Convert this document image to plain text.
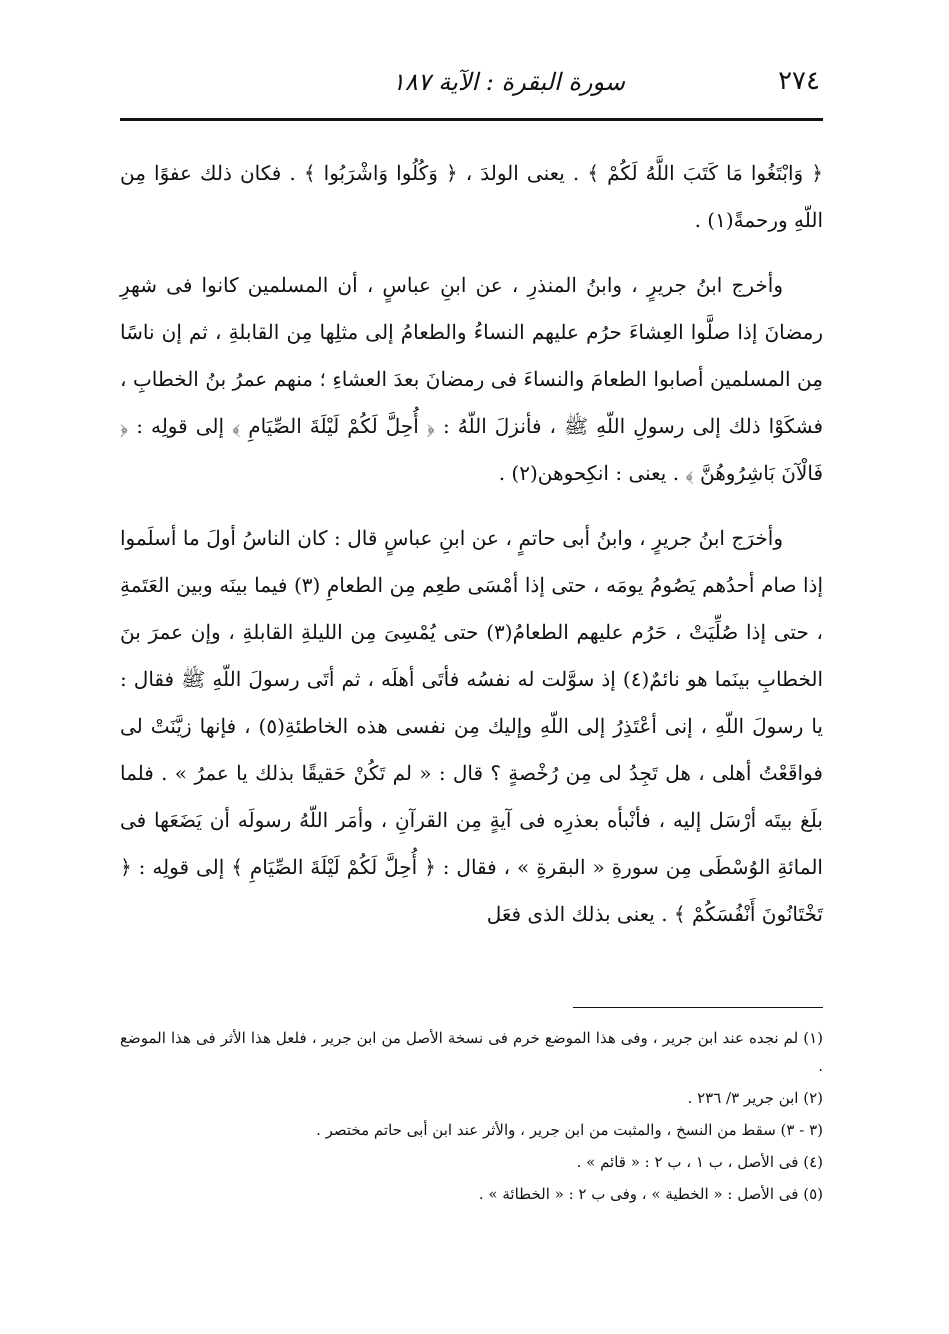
٢٧٤
سورة البقرة : الآية ١٨٧

﴿ وَابْتَغُوا مَا كَتَبَ اللَّهُ لَكُمْ ﴾ . يعنى الولدَ ، ﴿ وَكُلُوا وَاشْرَبُوا ﴾ . فكان ذلك عفوًا مِن اللّهِ ورحمةً(١) .

وأخرج ابنُ جريرٍ ، وابنُ المنذرِ ، عن ابنِ عباسٍ ، أن المسلمين كانوا فى شهرِ رمضانَ إذا صلَّوا العِشاءَ حرُم عليهم النساءُ والطعامُ إلى مثلِها مِن القابلةِ ، ثم إن ناسًا مِن المسلمين أصابوا الطعامَ والنساءَ فى رمضانَ بعدَ العشاءِ ؛ منهم عمرُ بنُ الخطابِ ، فشكَوْا ذلك إلى رسولِ اللّهِ ﷺ ، فأنزلَ اللّهُ : ﴿ أُحِلَّ لَكُمْ لَيْلَةَ الصِّيَامِ ﴾ إلى قولِه : ﴿ فَالْآنَ بَاشِرُوهُنَّ ﴾ . يعنى : انكِحوهن(٢) .

وأخرَج ابنُ جريرٍ ، وابنُ أبى حاتمٍ ، عن ابنِ عباسٍ قال : كان الناسُ أولَ ما أسلَموا إذا صام أحدُهم يَصُومُ يومَه ، حتى إذا أمْسَى طعِم مِن الطعامِ (٣) فيما بينَه وبين العَتَمةِ ، حتى إذا صُلِّيَتْ ، حَرُم عليهم الطعامُ(٣) حتى يُمْسِىَ مِن الليلةِ القابلةِ ، وإن عمرَ بنَ الخطابِ بينَما هو نائمٌ(٤) إذ سوَّلت له نفسُه فأتَى أهلَه ، ثم أتَى رسولَ اللّهِ ﷺ فقال : يا رسولَ اللّهِ ، إنى أعْتَذِرُ إلى اللّهِ وإليك مِن نفسى هذه الخاطئةِ(٥) ، فإنها زيَّنَتْ لى فواقَعْتُ أهلى ، هل تَجِدُ لى مِن رُخْصةٍ ؟ قال : « لم تَكُنْ حَقيقًا بذلك يا عمرُ » . فلما بلَغ بيتَه أرْسَل إليه ، فأنْبأه بعذرِه فى آيةٍ مِن القرآنِ ، وأمَر اللّهُ رسولَه أن يَضَعَها فى المائةِ الوُسْطَى مِن سورةِ « البقرةِ » ، فقال : ﴿ أُحِلَّ لَكُمْ لَيْلَةَ الصِّيَامِ ﴾ إلى قولِه : ﴿ تَخْتَانُونَ أَنْفُسَكُمْ ﴾ . يعنى بذلك الذى فعَل

(١) لم نجده عند ابن جرير ، وفى هذا الموضع خرم فى نسخة الأصل من ابن جرير ، فلعل هذا الأثر فى هذا الموضع .

(٢) ابن جرير ٣/ ٢٣٦ .

(٣ - ٣) سقط من النسخ ، والمثبت من ابن جرير ، والأثر عند ابن أبى حاتم مختصر .

(٤) فى الأصل ، ب ١ ، ب ٢ : « قائم » .

(٥) فى الأصل : « الخطية » ، وفى ب ٢ : « الخطائة » .
